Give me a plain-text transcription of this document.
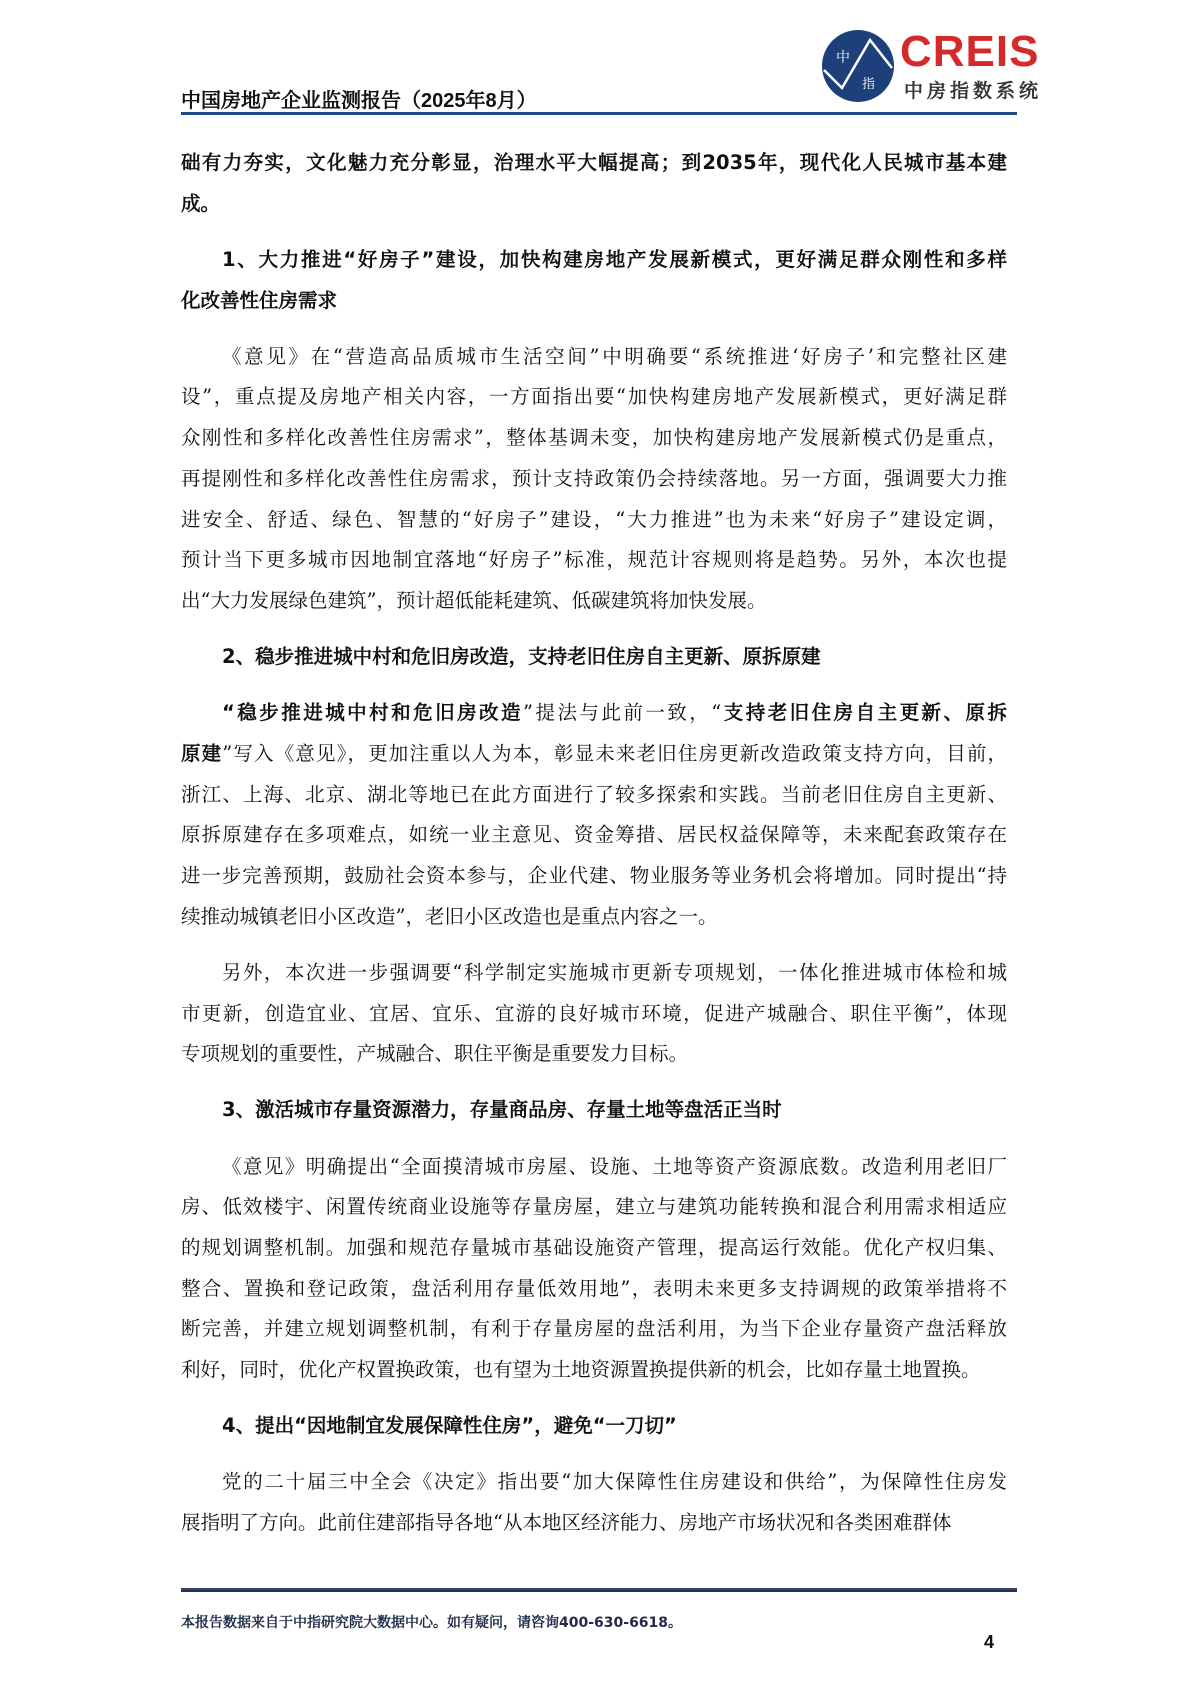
中国房地产企业监测报告（2025年8月）
中
指
CREIS
中房指数系统
础有力夯实，文化魅力充分彰显，治理水平大幅提高；到2035年，现代化人民城市基本建
成。
1、大力推进“好房子”建设，加快构建房地产发展新模式，更好满足群众刚性和多样
化改善性住房需求
《意见》在“营造高品质城市生活空间”中明确要“系统推进‘好房子’和完整社区建
设”，重点提及房地产相关内容，一方面指出要“加快构建房地产发展新模式，更好满足群
众刚性和多样化改善性住房需求”，整体基调未变，加快构建房地产发展新模式仍是重点，
再提刚性和多样化改善性住房需求，预计支持政策仍会持续落地。另一方面，强调要大力推
进安全、舒适、绿色、智慧的“好房子”建设，“大力推进”也为未来“好房子”建设定调，
预计当下更多城市因地制宜落地“好房子”标准，规范计容规则将是趋势。另外，本次也提
出“大力发展绿色建筑”，预计超低能耗建筑、低碳建筑将加快发展。
2、稳步推进城中村和危旧房改造，支持老旧住房自主更新、原拆原建
“稳步推进城中村和危旧房改造”提法与此前一致，“支持老旧住房自主更新、原拆
原建”写入《意见》，更加注重以人为本，彰显未来老旧住房更新改造政策支持方向，目前，
浙江、上海、北京、湖北等地已在此方面进行了较多探索和实践。当前老旧住房自主更新、
原拆原建存在多项难点，如统一业主意见、资金筹措、居民权益保障等，未来配套政策存在
进一步完善预期，鼓励社会资本参与，企业代建、物业服务等业务机会将增加。同时提出“持
续推动城镇老旧小区改造”，老旧小区改造也是重点内容之一。
另外，本次进一步强调要“科学制定实施城市更新专项规划，一体化推进城市体检和城
市更新，创造宜业、宜居、宜乐、宜游的良好城市环境，促进产城融合、职住平衡”，体现
专项规划的重要性，产城融合、职住平衡是重要发力目标。
3、激活城市存量资源潜力，存量商品房、存量土地等盘活正当时
《意见》明确提出“全面摸清城市房屋、设施、土地等资产资源底数。改造利用老旧厂
房、低效楼宇、闲置传统商业设施等存量房屋，建立与建筑功能转换和混合利用需求相适应
的规划调整机制。加强和规范存量城市基础设施资产管理，提高运行效能。优化产权归集、
整合、置换和登记政策，盘活利用存量低效用地”，表明未来更多支持调规的政策举措将不
断完善，并建立规划调整机制，有利于存量房屋的盘活利用，为当下企业存量资产盘活释放
利好，同时，优化产权置换政策，也有望为土地资源置换提供新的机会，比如存量土地置换。
4、提出“因地制宜发展保障性住房”，避免“一刀切”
党的二十届三中全会《决定》指出要“加大保障性住房建设和供给”，为保障性住房发
展指明了方向。此前住建部指导各地“从本地区经济能力、房地产市场状况和各类困难群体
本报告数据来自于中指研究院大数据中心。如有疑问，请咨询400-630-6618。
4
